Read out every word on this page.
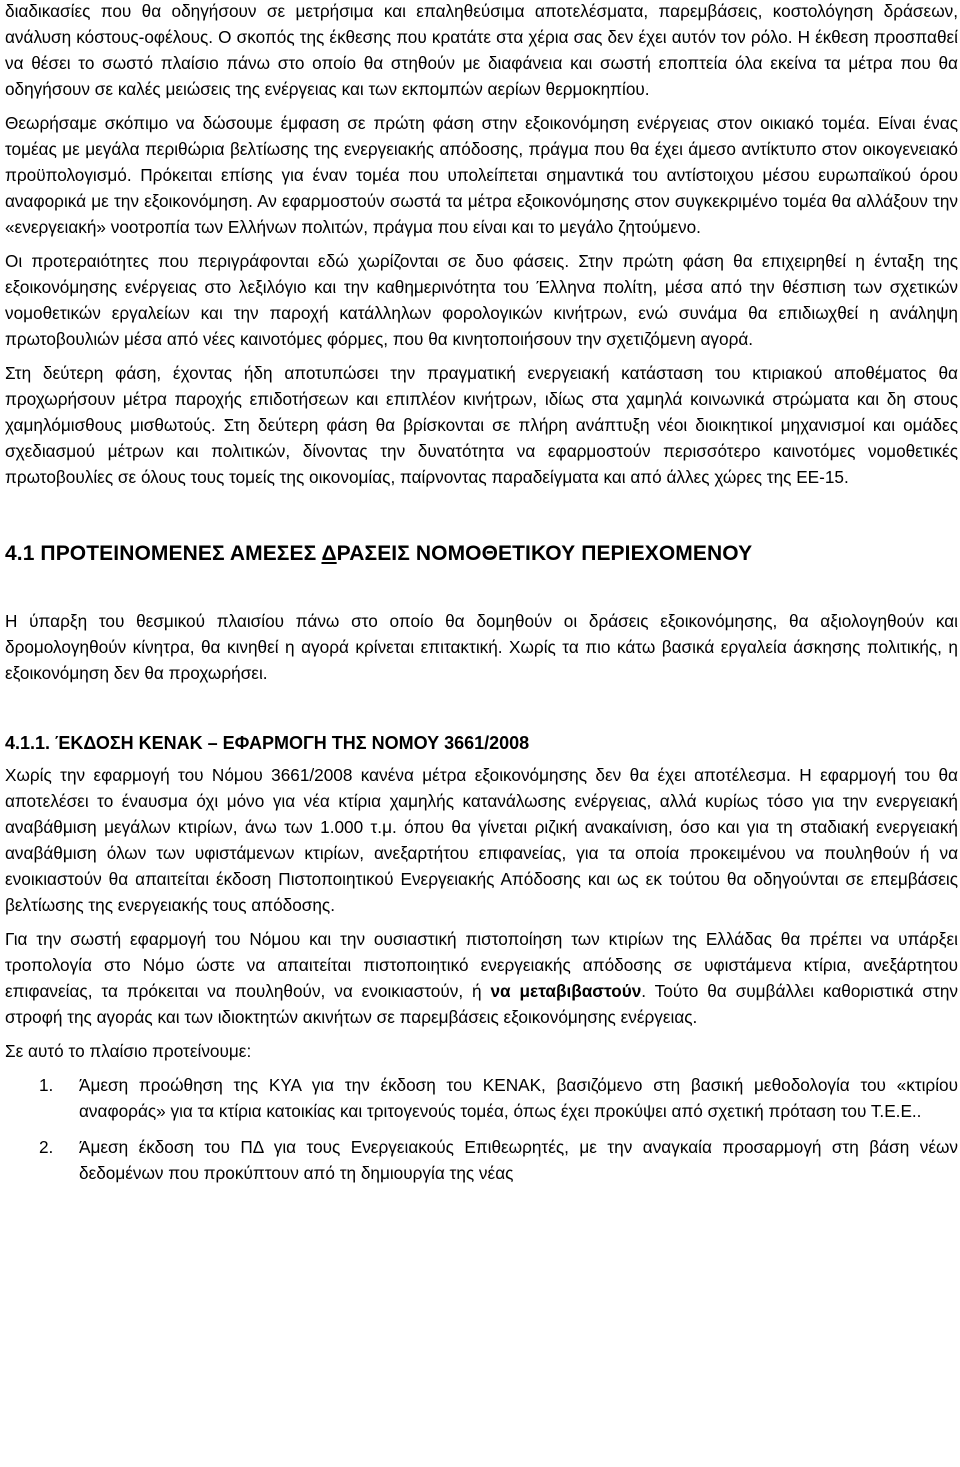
διαδικασίες που θα οδηγήσουν σε μετρήσιμα και επαληθεύσιμα αποτελέσματα, παρεμβάσεις, κοστολόγηση δράσεων, ανάλυση κόστους-οφέλους. Ο σκοπός της έκθεσης που κρατάτε στα χέρια σας δεν έχει αυτόν τον ρόλο. Η έκθεση προσπαθεί να θέσει το σωστό πλαίσιο πάνω στο οποίο θα στηθούν με διαφάνεια και σωστή εποπτεία όλα εκείνα τα μέτρα που θα οδηγήσουν σε καλές μειώσεις της ενέργειας και των εκπομπών αερίων θερμοκηπίου.

Θεωρήσαμε σκόπιμο να δώσουμε έμφαση σε πρώτη φάση στην εξοικονόμηση ενέργειας στον οικιακό τομέα. Είναι ένας τομέας με μεγάλα περιθώρια βελτίωσης της ενεργειακής απόδοσης, πράγμα που θα έχει άμεσο αντίκτυπο στον οικογενειακό προϋπολογισμό. Πρόκειται επίσης για έναν τομέα που υπολείπεται σημαντικά του αντίστοιχου μέσου ευρωπαϊκού όρου αναφορικά με την εξοικονόμηση. Αν εφαρμοστούν σωστά τα μέτρα εξοικονόμησης στον συγκεκριμένο τομέα θα αλλάξουν την «ενεργειακή» νοοτροπία των Ελλήνων πολιτών, πράγμα που είναι και το μεγάλο ζητούμενο.

Οι προτεραιότητες που περιγράφονται εδώ χωρίζονται σε δυο φάσεις. Στην πρώτη φάση θα επιχειρηθεί η ένταξη της εξοικονόμησης ενέργειας στο λεξιλόγιο και την καθημερινότητα του Έλληνα πολίτη, μέσα από την θέσπιση των σχετικών νομοθετικών εργαλείων και την παροχή κατάλληλων φορολογικών κινήτρων, ενώ συνάμα θα επιδιωχθεί η ανάληψη πρωτοβουλιών μέσα από νέες καινοτόμες φόρμες, που θα κινητοποιήσουν την σχετιζόμενη αγορά.

Στη δεύτερη φάση, έχοντας ήδη αποτυπώσει την πραγματική ενεργειακή κατάσταση του κτιριακού αποθέματος θα προχωρήσουν μέτρα παροχής επιδοτήσεων και επιπλέον κινήτρων, ιδίως στα χαμηλά κοινωνικά στρώματα και δη στους χαμηλόμισθους μισθωτούς. Στη δεύτερη φάση θα βρίσκονται σε πλήρη ανάπτυξη νέοι διοικητικοί μηχανισμοί και ομάδες σχεδιασμού μέτρων και πολιτικών, δίνοντας την δυνατότητα να εφαρμοστούν περισσότερο καινοτόμες νομοθετικές πρωτοβουλίες σε όλους τους τομείς της οικονομίας, παίρνοντας παραδείγματα και από άλλες χώρες της ΕΕ-15.

4.1 ΠΡΟΤΕΙΝΟΜΕΝΕΣ ΑΜΕΣΕΣ ΔΡΑΣΕΙΣ ΝΟΜΟΘΕΤΙΚΟΥ ΠΕΡΙΕΧΟΜΕΝΟΥ

Η ύπαρξη του θεσμικού πλαισίου πάνω στο οποίο θα δομηθούν οι δράσεις εξοικονόμησης, θα αξιολογηθούν και δρομολογηθούν κίνητρα, θα κινηθεί η αγορά κρίνεται επιτακτική. Χωρίς τα πιο κάτω βασικά εργαλεία άσκησης πολιτικής, η εξοικονόμηση δεν θα προχωρήσει.

4.1.1. ΈΚΔΟΣΗ ΚΕΝΑΚ – ΕΦΑΡΜΟΓΗ ΤΗΣ ΝΟΜΟΥ 3661/2008

Χωρίς την εφαρμογή του Νόμου 3661/2008 κανένα μέτρα εξοικονόμησης δεν θα έχει αποτέλεσμα. Η εφαρμογή του θα αποτελέσει το έναυσμα όχι μόνο για νέα κτίρια χαμηλής κατανάλωσης ενέργειας, αλλά κυρίως τόσο για την ενεργειακή αναβάθμιση μεγάλων κτιρίων, άνω των 1.000 τ.μ. όπου θα γίνεται ριζική ανακαίνιση, όσο και για τη σταδιακή ενεργειακή αναβάθμιση όλων των υφιστάμενων κτιρίων, ανεξαρτήτου επιφανείας, για τα οποία προκειμένου να πουληθούν ή να ενοικιαστούν θα απαιτείται έκδοση Πιστοποιητικού Ενεργειακής Απόδοσης και ως εκ τούτου θα οδηγούνται σε επεμβάσεις βελτίωσης της ενεργειακής τους απόδοσης.

Για την σωστή εφαρμογή του Νόμου και την ουσιαστική πιστοποίηση των κτιρίων της Ελλάδας θα πρέπει να υπάρξει τροπολογία στο Νόμο ώστε να απαιτείται πιστοποιητικό ενεργειακής απόδοσης σε υφιστάμενα κτίρια, ανεξάρτητου επιφανείας, τα πρόκειται να πουληθούν, να ενοικιαστούν, ή να μεταβιβαστούν. Τούτο θα συμβάλλει καθοριστικά στην στροφή της αγοράς και των ιδιοκτητών ακινήτων σε παρεμβάσεις εξοικονόμησης ενέργειας.

Σε αυτό το πλαίσιο προτείνουμε:

1.	Άμεση προώθηση της ΚΥΑ για την έκδοση του ΚΕΝΑΚ, βασιζόμενο στη βασική μεθοδολογία του «κτιρίου αναφοράς» για τα κτίρια κατοικίας και τριτογενούς τομέα, όπως έχει προκύψει από σχετική πρόταση του Τ.Ε.Ε..
2.	Άμεση έκδοση του ΠΔ για τους Ενεργειακούς Επιθεωρητές, με την αναγκαία προσαρμογή στη βάση νέων δεδομένων που προκύπτουν από τη δημιουργία της νέας
